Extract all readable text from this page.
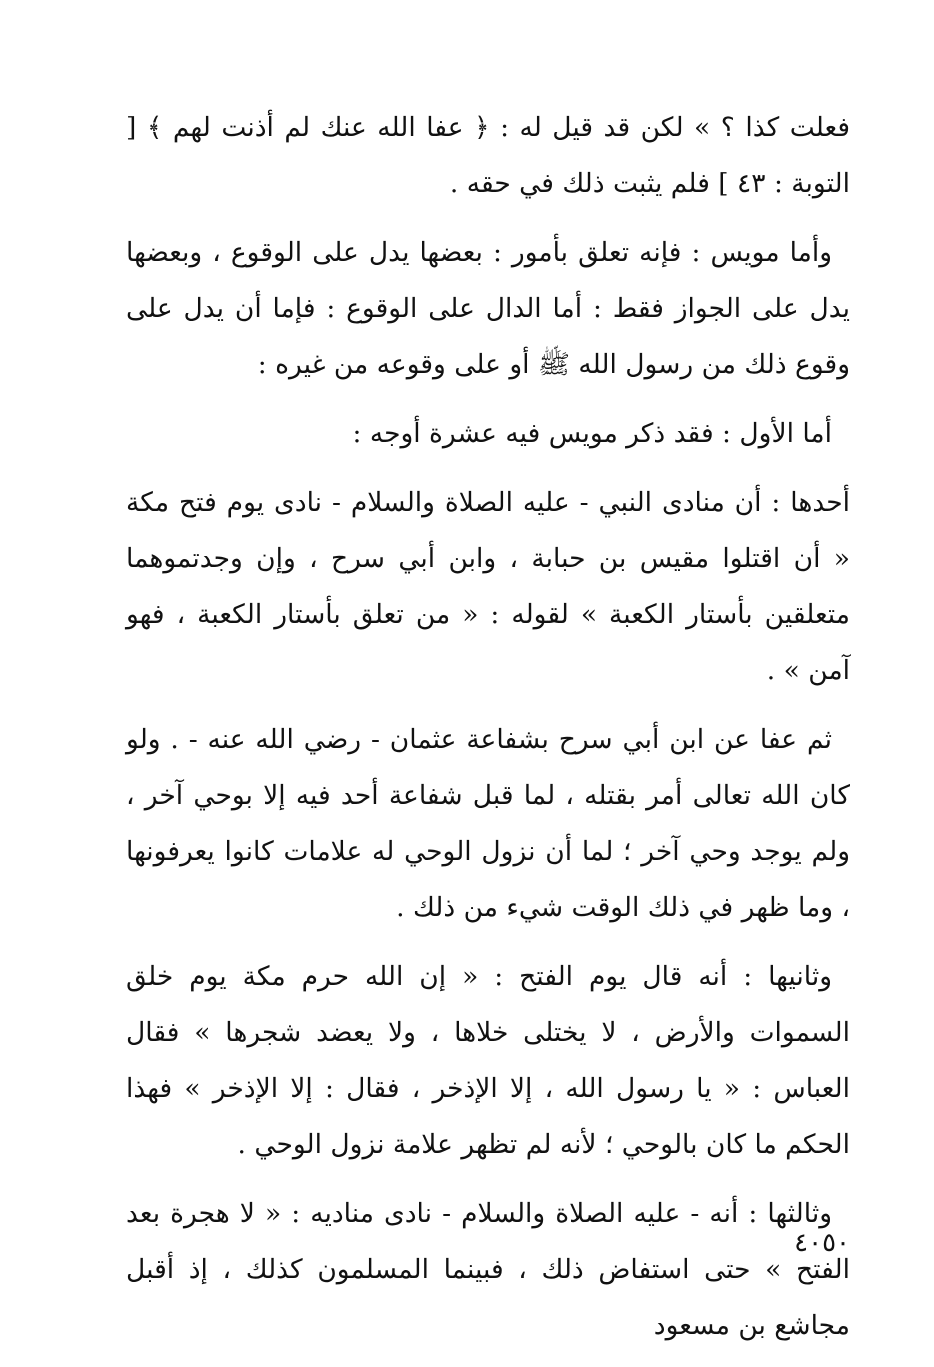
فعلت كذا ؟ » لكن قد قيل له : ﴿ عفا الله عنك لم أذنت لهم ﴾ [ التوبة : ٤٣ ] فلم يثبت ذلك في حقه .

وأما مويس : فإنه تعلق بأمور : بعضها يدل على الوقوع ، وبعضها يدل على الجواز فقط : أما الدال على الوقوع : فإما أن يدل على وقوع ذلك من رسول الله ﷺ أو على وقوعه من غيره :

أما الأول : فقد ذكر مويس فيه عشرة أوجه :

أحدها : أن منادى النبي - عليه الصلاة والسلام - نادى يوم فتح مكة « أن اقتلوا مقيس بن حبابة ، وابن أبي سرح ، وإن وجدتموهما متعلقين بأستار الكعبة » لقوله : « من تعلق بأستار الكعبة ، فهو آمن » .

ثم عفا عن ابن أبي سرح بشفاعة عثمان - رضي الله عنه - . ولو كان الله تعالى أمر بقتله ، لما قبل شفاعة أحد فيه إلا بوحي آخر ، ولم يوجد وحي آخر ؛ لما أن نزول الوحي له علامات كانوا يعرفونها ، وما ظهر في ذلك الوقت شيء من ذلك .

وثانيها : أنه قال يوم الفتح : « إن الله حرم مكة يوم خلق السموات والأرض ، لا يختلى خلاها ، ولا يعضد شجرها » فقال العباس : « يا رسول الله ، إلا الإذخر ، فقال : إلا الإذخر » فهذا الحكم ما كان بالوحي ؛ لأنه لم تظهر علامة نزول الوحي .

وثالثها : أنه - عليه الصلاة والسلام - نادى مناديه : « لا هجرة بعد الفتح » حتى استفاض ذلك ، فبينما المسلمون كذلك ، إذ أقبل مجاشع بن مسعود

٤٠٥٠
